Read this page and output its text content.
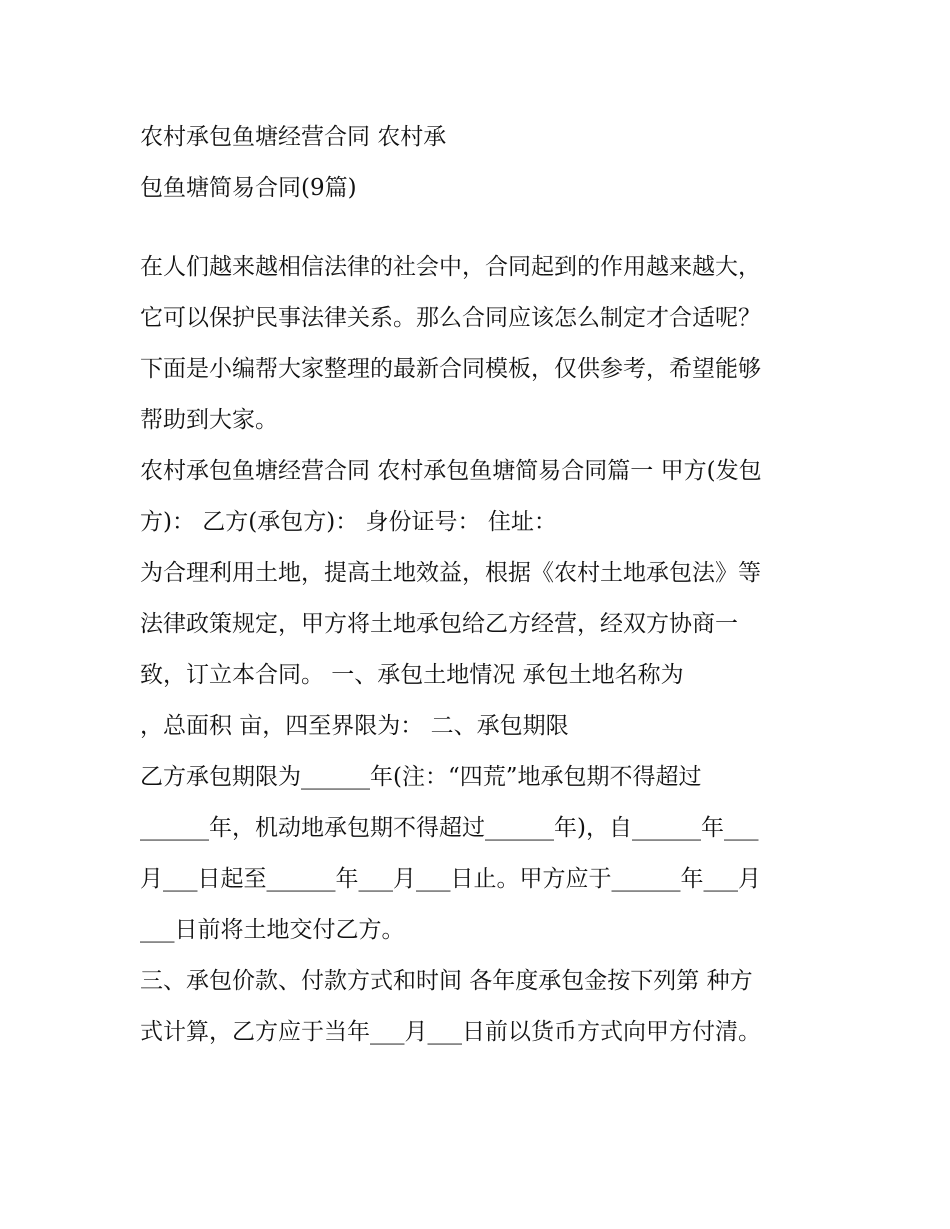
农村承包鱼塘经营合同 农村承
包鱼塘简易合同(9篇)
在人们越来越相信法律的社会中，合同起到的作用越来越大，
它可以保护民事法律关系。那么合同应该怎么制定才合适呢？
下面是小编帮大家整理的最新合同模板，仅供参考，希望能够
帮助到大家。
农村承包鱼塘经营合同 农村承包鱼塘简易合同篇一 甲方(发包
方)： 乙方(承包方)： 身份证号： 住址：
为合理利用土地，提高土地效益，根据《农村土地承包法》等
法律政策规定，甲方将土地承包给乙方经营，经双方协商一
致，订立本合同。 一、承包土地情况 承包土地名称为
，总面积 亩，四至界限为： 二、承包期限
乙方承包期限为______年(注：“四荒”地承包期不得超过
______年，机动地承包期不得超过______年)，自______年___
月___日起至______年___月___日止。甲方应于______年___月
___日前将土地交付乙方。
三、承包价款、付款方式和时间 各年度承包金按下列第 种方
式计算，乙方应于当年___月___日前以货币方式向甲方付清。
